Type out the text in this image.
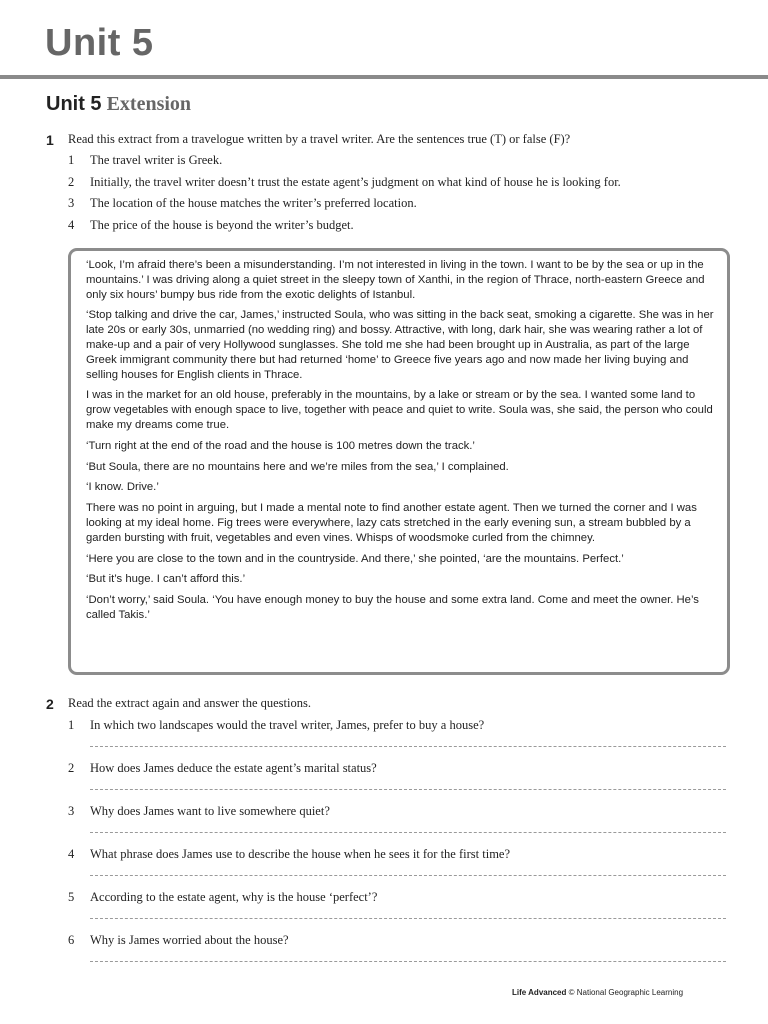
Unit 5
Unit 5 Extension
1 Read this extract from a travelogue written by a travel writer. Are the sentences true (T) or false (F)?
1	The travel writer is Greek.
2	Initially, the travel writer doesn’t trust the estate agent’s judgment on what kind of house he is looking for.
3	The location of the house matches the writer’s preferred location.
4	The price of the house is beyond the writer’s budget.

‘Look, I’m afraid there’s been a misunderstanding. I’m not interested in living in the town. I want to be by the sea or up in the mountains.’ I was driving along a quiet street in the sleepy town of Xanthi, in the region of Thrace, north-eastern Greece and only six hours’ bumpy bus ride from the exotic delights of Istanbul.

‘Stop talking and drive the car, James,’ instructed Soula, who was sitting in the back seat, smoking a cigarette. She was in her late 20s or early 30s, unmarried (no wedding ring) and bossy. Attractive, with long, dark hair, she was wearing rather a lot of make-up and a pair of very Hollywood sunglasses. She told me she had been brought up in Australia, as part of the large Greek immigrant community there but had returned ‘home’ to Greece five years ago and now made her living buying and selling houses for English clients in Thrace.

I was in the market for an old house, preferably in the mountains, by a lake or stream or by the sea. I wanted some land to grow vegetables with enough space to live, together with peace and quiet to write. Soula was, she said, the person who could make my dreams come true.

‘Turn right at the end of the road and the house is 100 metres down the track.’

‘But Soula, there are no mountains here and we’re miles from the sea,’ I complained.

‘I know. Drive.’

There was no point in arguing, but I made a mental note to find another estate agent. Then we turned the corner and I was looking at my ideal home. Fig trees were everywhere, lazy cats stretched in the early evening sun, a stream bubbled by a garden bursting with fruit, vegetables and even vines. Whisps of woodsmoke curled from the chimney.

‘Here you are close to the town and in the countryside. And there,’ she pointed, ‘are the mountains. Perfect.’

‘But it’s huge. I can’t afford this.’

‘Don’t worry,’ said Soula. ‘You have enough money to buy the house and some extra land. Come and meet the owner. He’s called Takis.’

2 Read the extract again and answer the questions.
1	In which two landscapes would the travel writer, James, prefer to buy a house?
2	How does James deduce the estate agent’s marital status?
3	Why does James want to live somewhere quiet?
4	What phrase does James use to describe the house when he sees it for the first time?
5	According to the estate agent, why is the house ‘perfect’?
6	Why is James worried about the house?
Life Advanced © National Geographic Learning
